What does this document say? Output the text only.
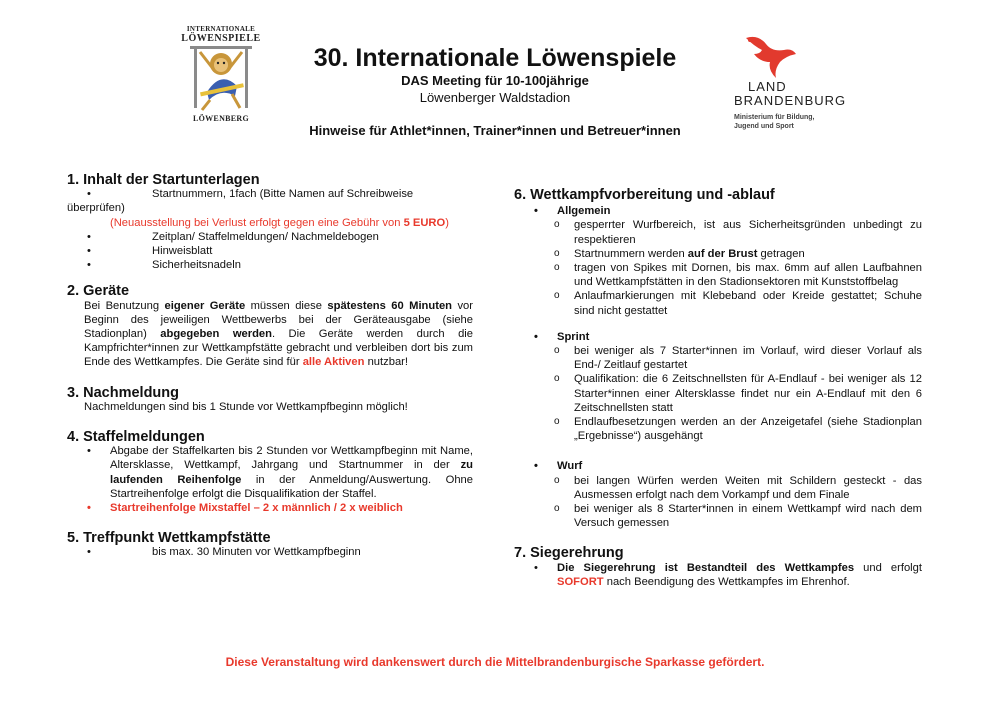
INTERNATIONALE
LÖWENSPIELE
LÖWENBERG
30. Internationale Löwenspiele
DAS Meeting für 10-100jährige
Löwenberger Waldstadion
Hinweise für Athlet*innen, Trainer*innen und Betreuer*innen
LAND
BRANDENBURG
Ministerium für Bildung,
Jugend und Sport
1. Inhalt der Startunterlagen
• Startnummern, 1fach (Bitte Namen auf Schreibweise
überprüfen)
(Neuausstellung bei Verlust erfolgt gegen eine Gebühr von 5 EURO)
• Zeitplan/ Staffelmeldungen/ Nachmeldebogen
• Hinweisblatt
• Sicherheitsnadeln
2. Geräte
Bei Benutzung eigener Geräte müssen diese spätestens 60 Minuten vor Beginn des jeweiligen Wettbewerbs bei der Geräteausgabe (siehe Stadionplan) abgegeben werden. Die Geräte werden durch die Kampfrichter*innen zur Wettkampfstätte gebracht und verbleiben dort bis zum Ende des Wettkampfes. Die Geräte sind für alle Aktiven nutzbar!
3. Nachmeldung
Nachmeldungen sind bis 1 Stunde vor Wettkampfbeginn möglich!
4. Staffelmeldungen
• Abgabe der Staffelkarten bis 2 Stunden vor Wettkampfbeginn mit Name, Altersklasse, Wettkampf, Jahrgang und Startnummer in der zu laufenden Reihenfolge in der Anmeldung/Auswertung. Ohne Startreihenfolge erfolgt die Disqualifikation der Staffel.
• Startreihenfolge Mixstaffel – 2 x männlich / 2 x weiblich
5. Treffpunkt Wettkampfstätte
• bis max. 30 Minuten vor Wettkampfbeginn
6. Wettkampfvorbereitung und -ablauf
• Allgemein
o gesperrter Wurfbereich, ist aus Sicherheitsgründen unbedingt zu respektieren
o Startnummern werden auf der Brust getragen
o tragen von Spikes mit Dornen, bis max. 6mm auf allen Laufbahnen und Wettkampfstätten in den Stadionsektoren mit Kunststoffbelag
o Anlaufmarkierungen mit Klebeband oder Kreide gestattet; Schuhe sind nicht gestattet
• Sprint
o bei weniger als 7 Starter*innen im Vorlauf, wird dieser Vorlauf als End-/ Zeitlauf gestartet
o Qualifikation: die 6 Zeitschnellsten für A-Endlauf - bei weniger als 12 Starter*innen einer Altersklasse findet nur ein A-Endlauf mit den 6 Zeitschnellsten statt
o Endlaufbesetzungen werden an der Anzeigetafel (siehe Stadionplan „Ergebnisse“) ausgehängt
• Wurf
o bei langen Würfen werden Weiten mit Schildern gesteckt - das Ausmessen erfolgt nach dem Vorkampf und dem Finale
o bei weniger als 8 Starter*innen in einem Wettkampf wird nach dem Versuch gemessen
7. Siegerehrung
• Die Siegerehrung ist Bestandteil des Wettkampfes und erfolgt SOFORT nach Beendigung des Wettkampfes im Ehrenhof.
Diese Veranstaltung wird dankenswert durch die Mittelbrandenburgische Sparkasse gefördert.
